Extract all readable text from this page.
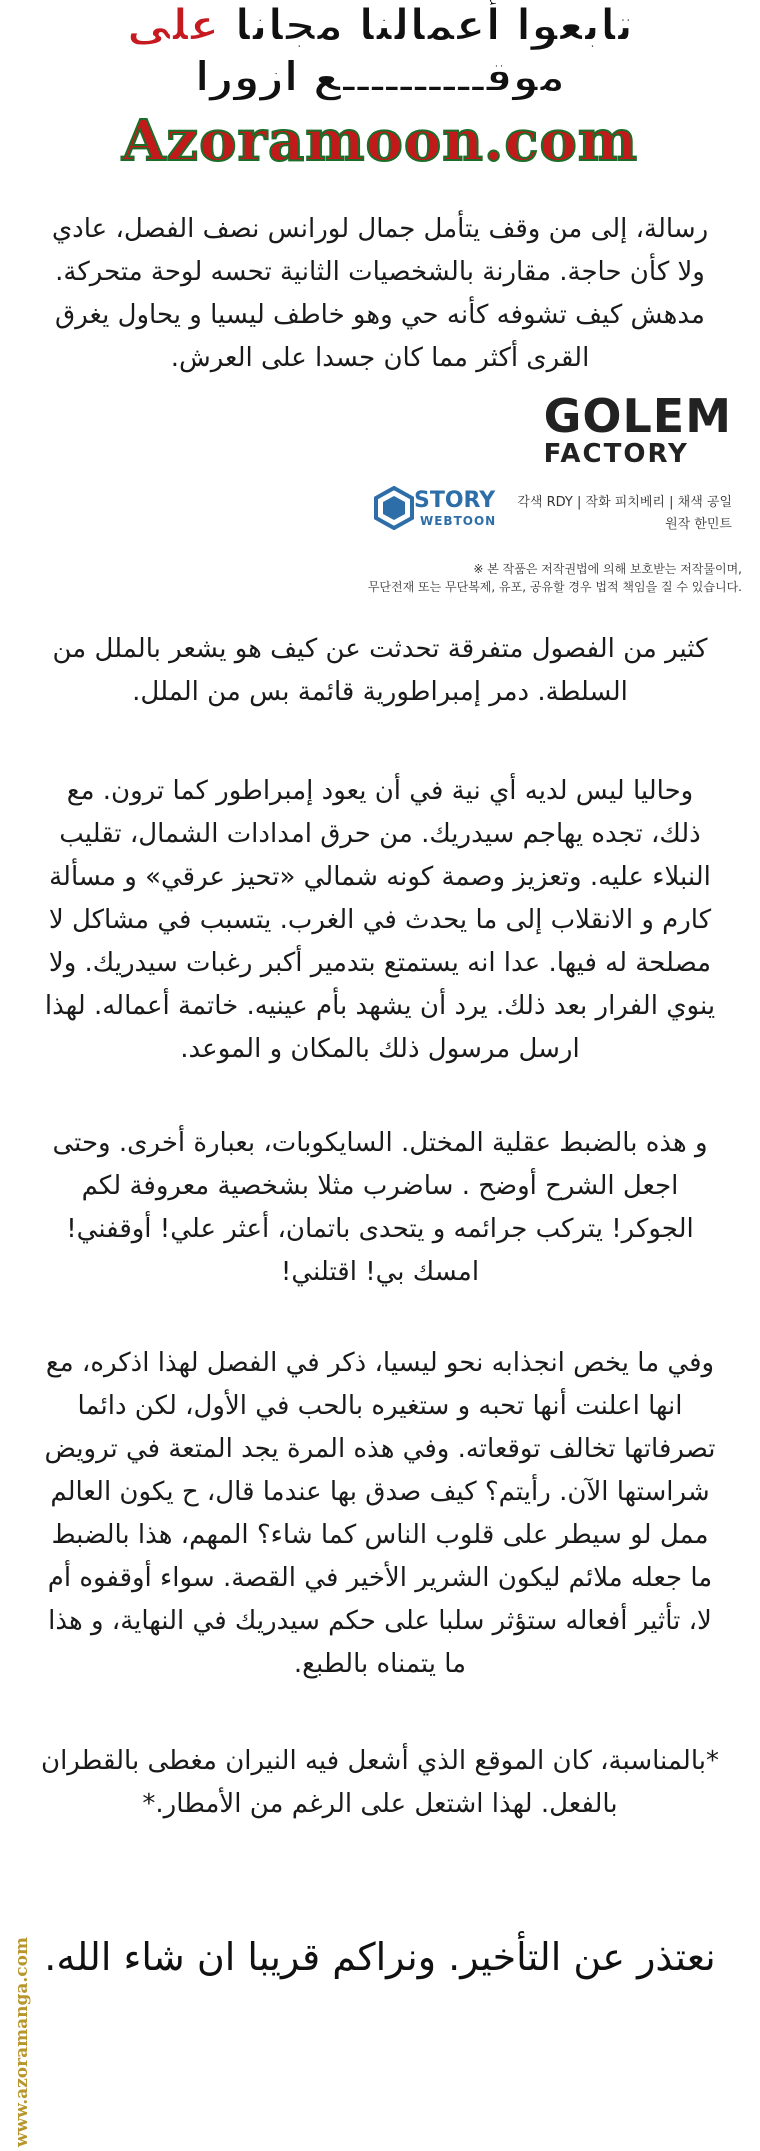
تابعوا أعمالنا مجانا على
موقــــــــــع ازورا
Azoramoon.com

رسالة، إلى من وقف يتأمل جمال لورانس نصف الفصل، عادي ولا كأن حاجة. مقارنة بالشخصيات الثانية تحسه لوحة متحركة. مدهش كيف تشوفه كأنه حي وهو خاطف ليسيا و يحاول يغرق القرى أكثر مما كان جسدا على العرش.

GOLEM
FACTORY
STORY
WEBTOON
각색 RDY | 작화 피치베리 | 채색 공일
원작 한민트
※ 본 작품은 저작권법에 의해 보호받는 저작물이며,
무단전재 또는 무단복제, 유포, 공유할 경우 법적 책임을 질 수 있습니다.

كثير من الفصول متفرقة تحدثت عن كيف هو يشعر بالملل من السلطة. دمر إمبراطورية قائمة بس من الملل.

وحاليا ليس لديه أي نية في أن يعود إمبراطور كما ترون. مع ذلك، تجده يهاجم سيدريك. من حرق امدادات الشمال، تقليب النبلاء عليه. وتعزيز وصمة كونه شمالي «تحيز عرقي» و مسألة كارم و الانقلاب إلى ما يحدث في الغرب. يتسبب في مشاكل لا مصلحة له فيها. عدا انه يستمتع بتدمير أكبر رغبات سيدريك. ولا ينوي الفرار بعد ذلك. يرد أن يشهد بأم عينيه. خاتمة أعماله. لهذا ارسل مرسول ذلك بالمكان و الموعد.

و هذه بالضبط عقلية المختل. السايكوبات، بعبارة أخرى. وحتى اجعل الشرح أوضح . ساضرب مثلا بشخصية معروفة لكم الجوكر! يتركب جرائمه و يتحدى باتمان، أعثر علي! أوقفني! امسك بي! اقتلني!

وفي ما يخص انجذابه نحو ليسيا، ذكر في الفصل لهذا اذكره، مع انها اعلنت أنها تحبه و ستغيره بالحب في الأول، لكن دائما تصرفاتها تخالف توقعاته. وفي هذه المرة يجد المتعة في ترويض شراستها الآن. رأيتم؟ كيف صدق بها عندما قال، ح يكون العالم ممل لو سيطر على قلوب الناس كما شاء؟ المهم، هذا بالضبط ما جعله ملائم ليكون الشرير الأخير في القصة. سواء أوقفوه أم لا، تأثير أفعاله ستؤثر سلبا على حكم سيدريك في النهاية، و هذا ما يتمناه بالطبع.

*بالمناسبة، كان الموقع الذي أشعل فيه النيران مغطى بالقطران بالفعل. لهذا اشتعل على الرغم من الأمطار.*

نعتذر عن التأخير. ونراكم قريبا ان شاء الله.
www.azoramanga.com
